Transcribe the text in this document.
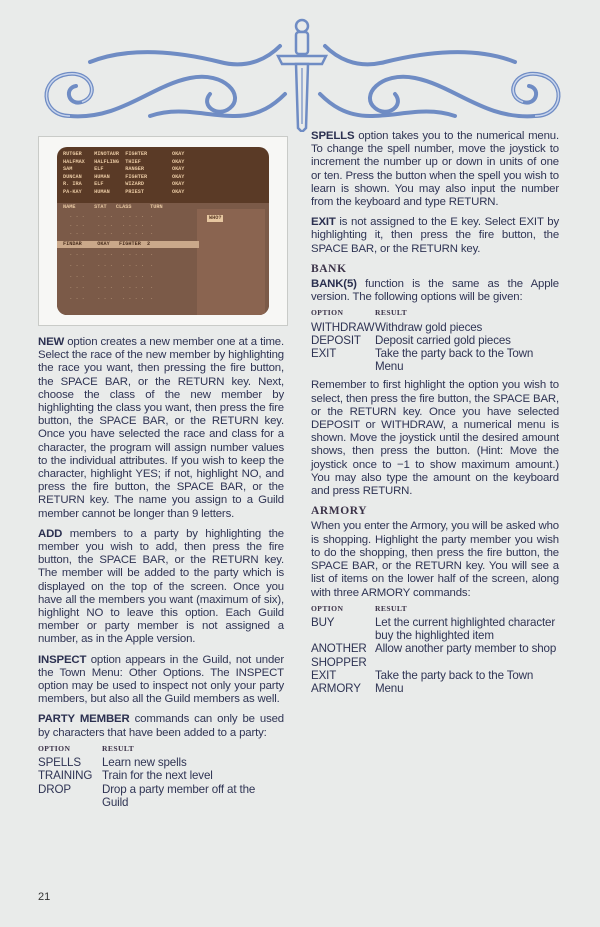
RUTGER    MINOTAUR  FIGHTER        OKAY
HALFMAX   HALFLING  THIEF          OKAY
SAM       ELF       RANGER         OKAY
DUNCAN    HUMAN     FIGHTER        OKAY
R. IRA    ELF       WIZARD         OKAY
PA-KAY    HUMAN     PRIEST         OKAY
NAME      STAT   CLASS      TURN
. . .    . . .   . . . .  .
. . .    . . .   . . . .  .
. . .    . . .   . . . .  .
FINDAR     OKAY   FIGHTER  2
. . .    . . .   . . . .  .
. . .    . . .   . . . .  .
. . .    . . .   . . . .  .
. . .    . . .   . . . .  .
. . .    . . .   . . . .  .
WHO?

NEW option creates a new member one at a time. Select the race of the new member by highlighting the race you want, then pressing the fire button, the SPACE BAR, or the RETURN key. Next, choose the class of the new member by highlighting the class you want, then press the fire button, the SPACE BAR, or the RETURN key. Once you have selected the race and class for a character, the program will assign number values to the individual attributes. If you wish to keep the character, highlight YES; if not, highlight NO, and press the fire button, the SPACE BAR, or the RETURN key. The name you assign to a Guild member cannot be longer than 9 letters.

ADD members to a party by highlighting the member you wish to add, then press the fire button, the SPACE BAR, or the RETURN key. The member will be added to the party which is displayed on the top of the screen. Once you have all the members you want (maximum of six), highlight NO to leave this option. Each Guild member or party member is not assigned a number, as in the Apple version.

INSPECT option appears in the Guild, not under the Town Menu: Other Options. The INSPECT option may be used to inspect not only your party members, but also all the Guild members as well.

PARTY MEMBER commands can only be used by characters that have been added to a party:

OPTION	RESULT
SPELLS	Learn new spells
TRAINING	Train for the next level
DROP	Drop a party member off at the Guild

SPELLS option takes you to the numerical menu. To change the spell number, move the joystick to increment the number up or down in units of one or ten. Press the button when the spell you wish to learn is shown. You may also input the number from the keyboard and type RETURN.

EXIT is not assigned to the E key. Select EXIT by highlighting it, then press the fire button, the SPACE BAR, or the RETURN key.

BANK

BANK(5) function is the same as the Apple version. The following options will be given:

OPTION	RESULT
WITHDRAW	Withdraw gold pieces
DEPOSIT	Deposit carried gold pieces
EXIT	Take the party back to the Town Menu

Remember to first highlight the option you wish to select, then press the fire button, the SPACE BAR, or the RETURN key. Once you have selected DEPOSIT or WITHDRAW, a numerical menu is shown. Move the joystick until the desired amount shows, then press the button. (Hint: Move the joystick once to −1 to show maximum amount.) You may also type the amount on the keyboard and press RETURN.

ARMORY

When you enter the Armory, you will be asked who is shopping. Highlight the party member you wish to do the shopping, then press the fire button, the SPACE BAR, or the RETURN key. You will see a list of items on the lower half of the screen, along with three ARMORY commands:

OPTION	RESULT
BUY	Let the current highlighted character buy the highlighted item
ANOTHER SHOPPER	Allow another party member to shop
EXIT ARMORY	Take the party back to the Town Menu
21
